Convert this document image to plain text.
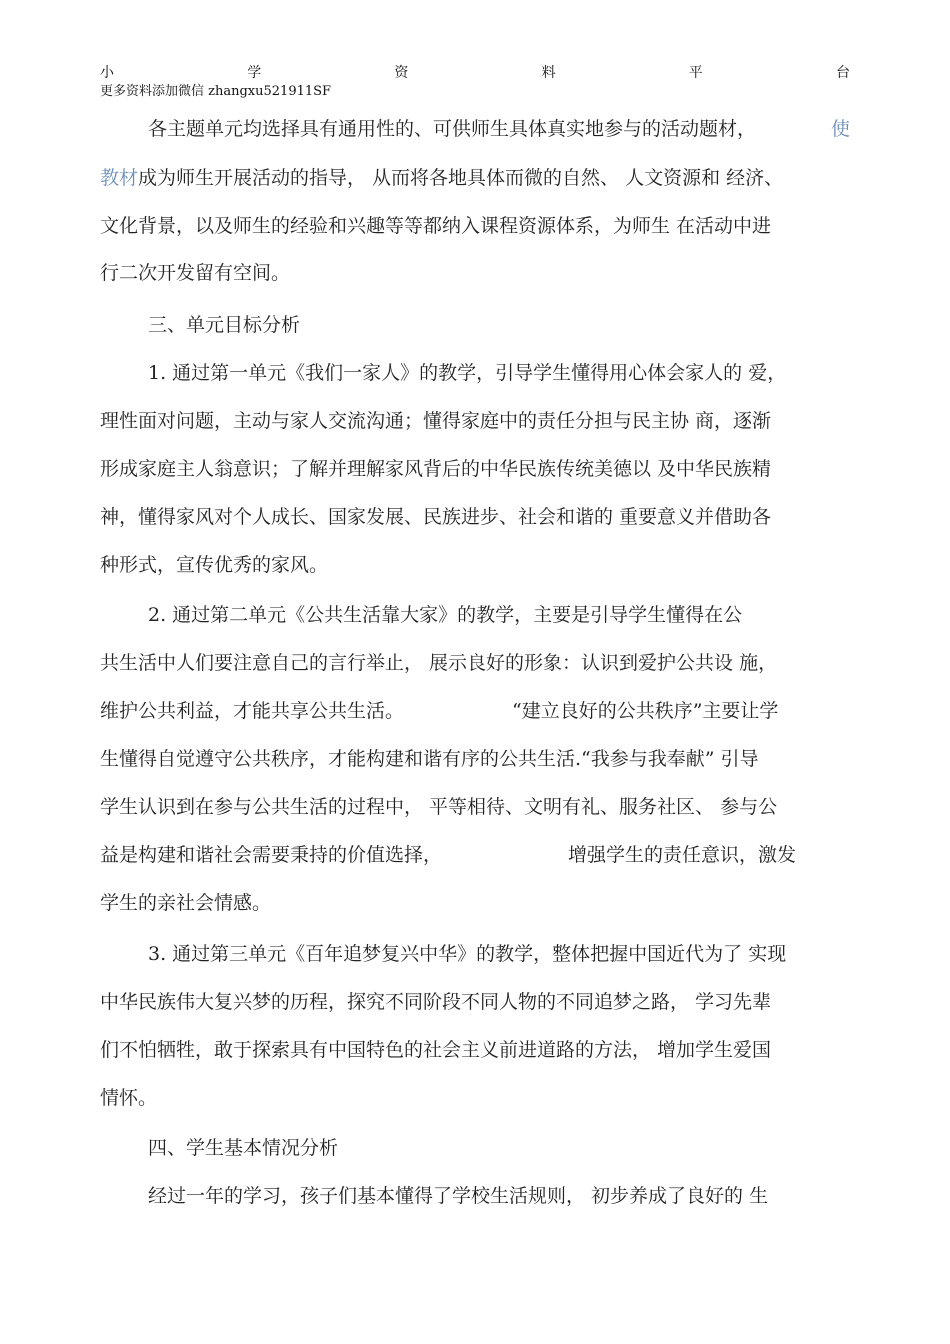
小	学	资	料	平	台
更多资料添加微信 zhangxu521911SF
各主题单元均选择具有通用性的、可供师生具体真实地参与的活动题材，	使
教材成为师生开展活动的指导， 从而将各地具体而微的自然、 人文资源和 经济、
文化背景，以及师生的经验和兴趣等等都纳入课程资源体系，为师生 在活动中进
行二次开发留有空间。
三、单元目标分析
1. 通过第一单元《我们一家人》的教学，引导学生懂得用心体会家人的 爱，
理性面对问题，主动与家人交流沟通；懂得家庭中的责任分担与民主协 商，逐渐
形成家庭主人翁意识；了解并理解家风背后的中华民族传统美德以 及中华民族精
神，懂得家风对个人成长、国家发展、民族进步、社会和谐的 重要意义并借助各
种形式，宣传优秀的家风。
2. 通过第二单元《公共生活靠大家》的教学，主要是引导学生懂得在公
共生活中人们要注意自己的言行举止， 展示良好的形象：认识到爱护公共设 施，
维护公共利益，才能共享公共生活。	“建立良好的公共秩序”主要让学
生懂得自觉遵守公共秩序，才能构建和谐有序的公共生活.“我参与我奉献” 引导
学生认识到在参与公共生活的过程中， 平等相待、文明有礼、服务社区、 参与公
益是构建和谐社会需要秉持的价值选择，	增强学生的责任意识，激发
学生的亲社会情感。
3. 通过第三单元《百年追梦复兴中华》的教学，整体把握中国近代为了 实现
中华民族伟大复兴梦的历程，探究不同阶段不同人物的不同追梦之路， 学习先辈
们不怕牺牲，敢于探索具有中国特色的社会主义前进道路的方法， 增加学生爱国
情怀。
四、学生基本情况分析
经过一年的学习，孩子们基本懂得了学校生活规则， 初步养成了良好的 生
